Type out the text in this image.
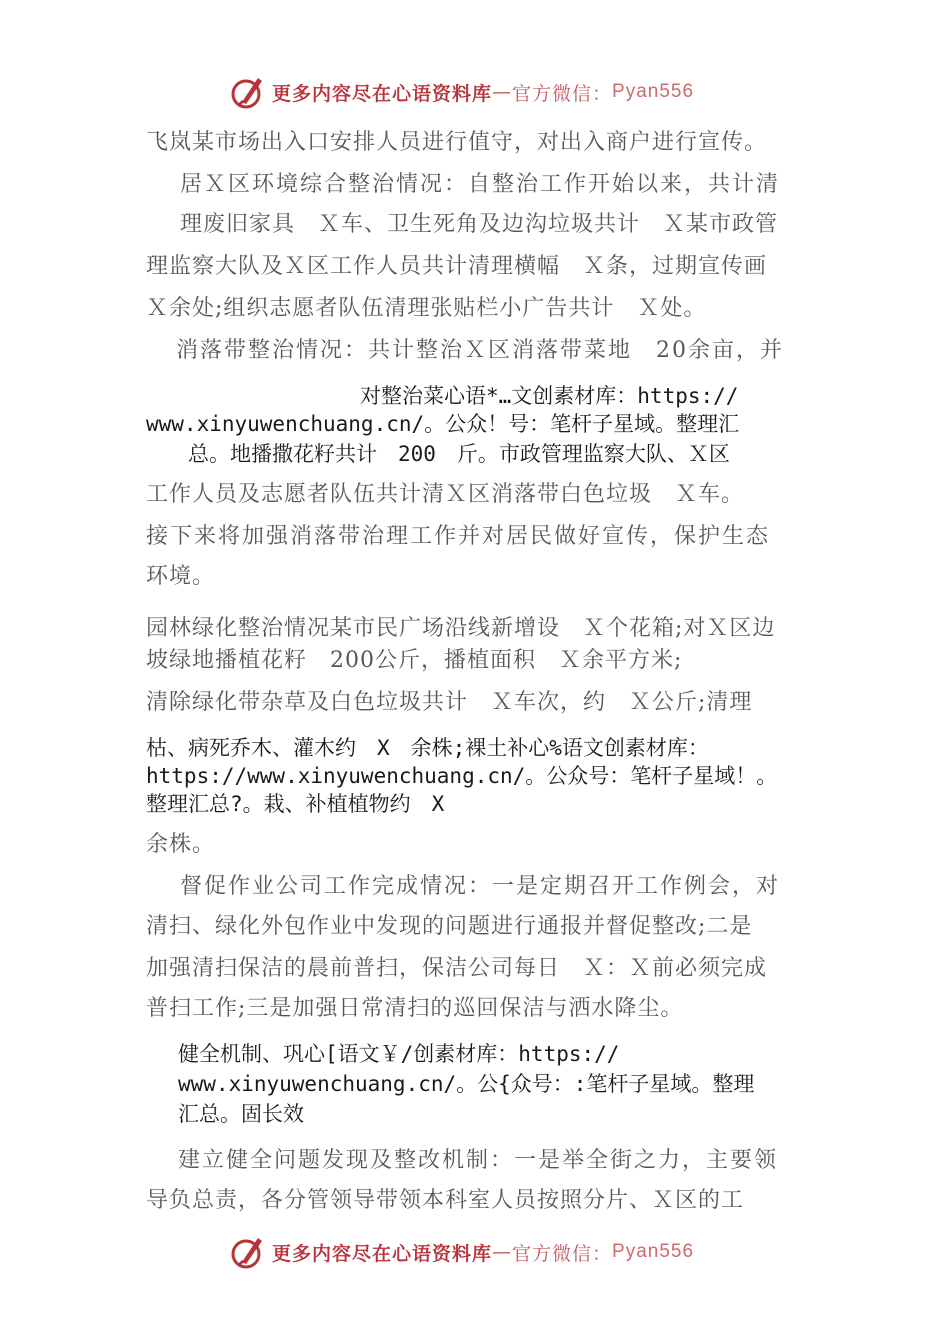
更多内容尽在心语资料库 — 官方微信： Pyan556
飞岚某市场出入口安排人员进行值守，对出入商户进行宣传。
居Ｘ区环境综合整治情况：自整治工作开始以来，共计清
理废旧家具　Ｘ车、卫生死角及边沟垃圾共计　Ｘ某市政管
理监察大队及Ｘ区工作人员共计清理横幅　Ｘ条，过期宣传画
Ｘ余处;组织志愿者队伍清理张贴栏小广告共计　Ｘ处。
消落带整治情况：共计整治Ｘ区消落带菜地　20余亩，并
对整治菜心语*…文创素材库：https://
www.xinyuwenchuang.cn/。公众！号：笔杆子星域。整理汇
总。地播撒花籽共计　200　斤。市政管理监察大队、Ｘ区
工作人员及志愿者队伍共计清Ｘ区消落带白色垃圾　Ｘ车。
接下来将加强消落带治理工作并对居民做好宣传，保护生态
环境。
园林绿化整治情况某市民广场沿线新增设　Ｘ个花箱;对Ｘ区边
坡绿地播植花籽　200公斤，播植面积　Ｘ余平方米;
清除绿化带杂草及白色垃圾共计　Ｘ车次，约　Ｘ公斤;清理
枯、病死乔木、灌木约　X　余株;裸土补心%语文创素材库：
https://www.xinyuwenchuang.cn/。公众号：笔杆子星域！。
整理汇总?。栽、补植植物约　X
余株。
督促作业公司工作完成情况：一是定期召开工作例会，对
清扫、绿化外包作业中发现的问题进行通报并督促整改;二是
加强清扫保洁的晨前普扫，保洁公司每日　Ｘ：Ｘ前必须完成
普扫工作;三是加强日常清扫的巡回保洁与洒水降尘。
健全机制、巩心[语文￥/创素材库：https://
www.xinyuwenchuang.cn/。公{众号：:笔杆子星域。整理
汇总。固长效
建立健全问题发现及整改机制：一是举全街之力，主要领
导负总责，各分管领导带领本科室人员按照分片、Ｘ区的工
更多内容尽在心语资料库 — 官方微信： Pyan556
